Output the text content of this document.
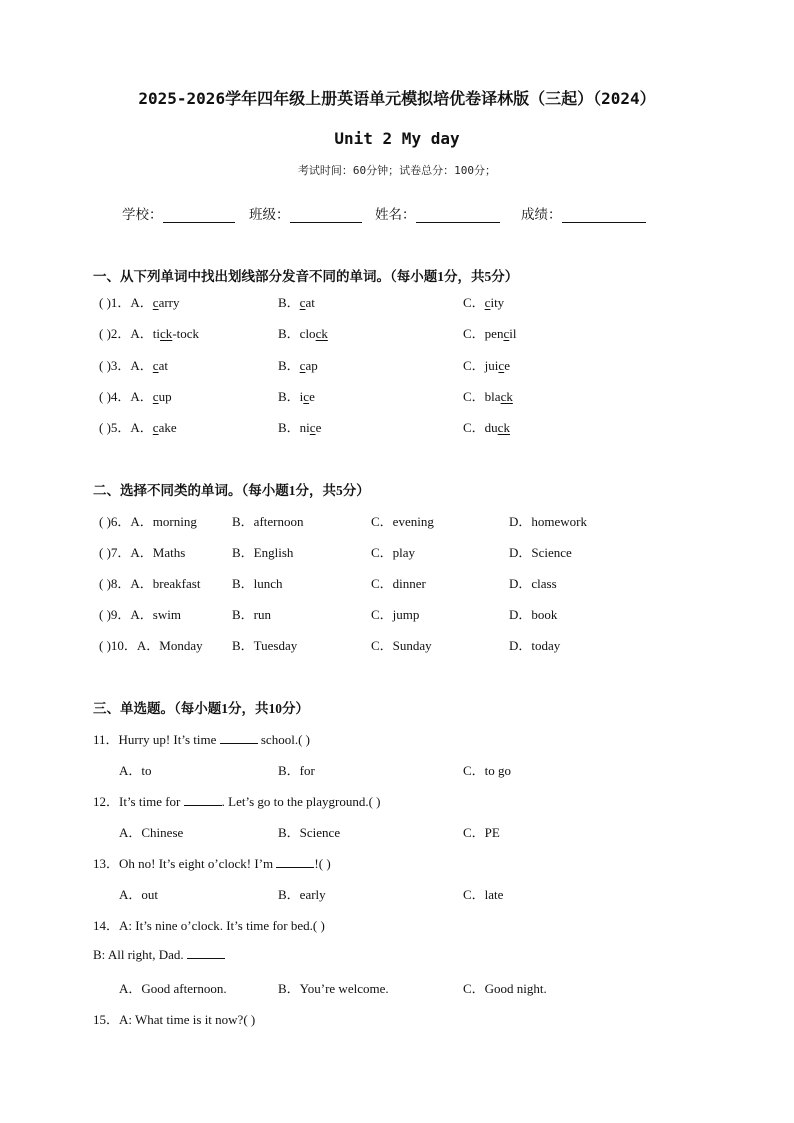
2025-2026学年四年级上册英语单元模拟培优卷译林版（三起）（2024）
Unit 2 My day
考试时间：60分钟；试卷总分：100分；
学校：	班级：	姓名：	成绩：
一、从下列单词中找出划线部分发音不同的单词。（每小题1分，共5分）
( )1．A．carry	B．cat	C．city
( )2．A．tick-tock	B．clock	C．pencil
( )3．A．cat	B．cap	C．juice
( )4．A．cup	B．ice	C．black
( )5．A．cake	B．nice	C．duck
二、选择不同类的单词。（每小题1分，共5分）
( )6．A．morning	B．afternoon	C．evening	D．homework
( )7．A．Maths	B．English	C．play	D．Science
( )8．A．breakfast B．lunch	C．dinner	D．class
( )9．A．swim	B．run	C．jump	D．book
( )10．A．Monday B．Tuesday	C．Sunday	D．today
三、单选题。（每小题1分，共10分）
11．Hurry up! It’s time	school.( )
A．to	B．for	C．to go
12．It’s time for	. Let’s go to the playground.( )
A．Chinese	B．Science	C．PE
13．Oh no! It’s eight o’clock! I’m	!( )
A．out	B．early	C．late
14．A: It’s nine o’clock. It’s time for bed.( )
B: All right, Dad.
A．Good afternoon.	B．You’re welcome.	C．Good night.
15．A: What time is it now?( )
